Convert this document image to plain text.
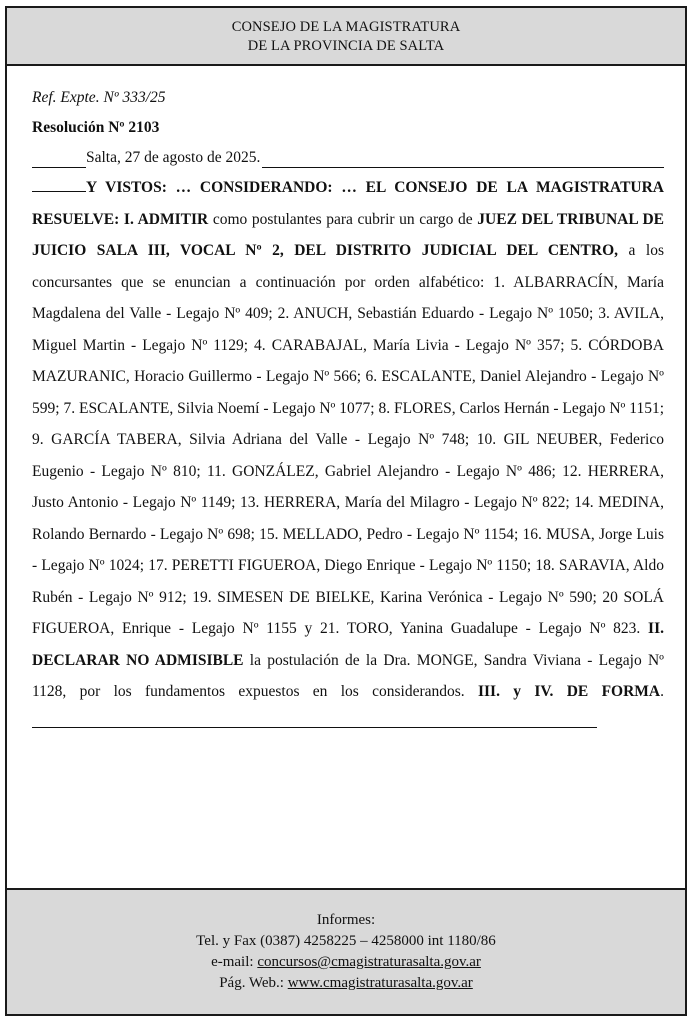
CONSEJO DE LA MAGISTRATURA
DE LA PROVINCIA DE SALTA
Ref. Expte. Nº 333/25
Resolución Nº 2103
Salta, 27 de agosto de 2025.
Y VISTOS: … CONSIDERANDO: … EL CONSEJO DE LA MAGISTRATURA RESUELVE: I. ADMITIR como postulantes para cubrir un cargo de JUEZ DEL TRIBUNAL DE JUICIO SALA III, VOCAL Nº 2, DEL DISTRITO JUDICIAL DEL CENTRO, a los concursantes que se enuncian a continuación por orden alfabético: 1. ALBARRACÍN, María Magdalena del Valle - Legajo Nº 409; 2. ANUCH, Sebastián Eduardo - Legajo Nº 1050; 3. AVILA, Miguel Martin - Legajo Nº 1129; 4. CARABAJAL, María Livia - Legajo Nº 357; 5. CÓRDOBA MAZURANIC, Horacio Guillermo - Legajo Nº 566; 6. ESCALANTE, Daniel Alejandro - Legajo Nº 599; 7. ESCALANTE, Silvia Noemí - Legajo Nº 1077; 8. FLORES, Carlos Hernán - Legajo Nº 1151; 9. GARCÍA TABERA, Silvia Adriana del Valle - Legajo Nº 748; 10. GIL NEUBER, Federico Eugenio - Legajo Nº 810; 11. GONZÁLEZ, Gabriel Alejandro - Legajo Nº 486; 12. HERRERA, Justo Antonio - Legajo Nº 1149; 13. HERRERA, María del Milagro - Legajo Nº 822; 14. MEDINA, Rolando Bernardo - Legajo Nº 698; 15. MELLADO, Pedro - Legajo Nº 1154; 16. MUSA, Jorge Luis - Legajo Nº 1024; 17. PERETTI FIGUEROA, Diego Enrique - Legajo Nº 1150; 18. SARAVIA, Aldo Rubén - Legajo Nº 912; 19. SIMESEN DE BIELKE, Karina Verónica - Legajo Nº 590; 20 SOLÁ FIGUEROA, Enrique - Legajo Nº 1155 y 21. TORO, Yanina Guadalupe - Legajo Nº 823. II. DECLARAR NO ADMISIBLE la postulación de la Dra. MONGE, Sandra Viviana - Legajo Nº 1128, por los fundamentos expuestos en los considerandos. III. y IV. DE FORMA.
Informes:
Tel. y Fax (0387) 4258225 – 4258000 int 1180/86
e-mail: concursos@cmagistraturasalta.gov.ar
Pág. Web.: www.cmagistraturasalta.gov.ar
